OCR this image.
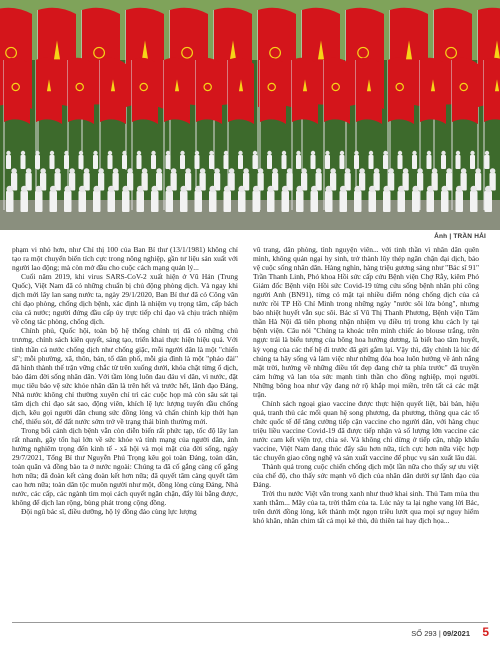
Ảnh | TRẦN HẢI

phạm vi nhỏ hơn, như Chỉ thị 100 của Ban Bí thư (13/1/1981) không chỉ tạo ra một chuyển biến tích cực trong nông nghiệp, gần tư liệu sản xuất với người lao động; mà còn mở đầu cho cuộc cách mạng quản lý...

Cuối năm 2019, khi virus SARS-CoV-2 xuất hiện ở Vũ Hán (Trung Quốc), Việt Nam đã có những chuẩn bị chủ động phòng dịch. Và ngay khi dịch mới lây lan sang nước ta, ngày 29/1/2020, Ban Bí thư đã có Công văn chỉ đạo phòng, chống dịch bệnh, xác định là nhiệm vụ trọng tâm, cấp bách của cả nước; người đứng đầu cấp ủy trực tiếp chỉ đạo và chịu trách nhiệm về công tác phòng, chống dịch.

Chính phủ, Quốc hội, toàn bộ hệ thống chính trị đã có những chủ trương, chính sách kiên quyết, sáng tạo, triển khai thực hiện hiệu quả. Với tinh thần cả nước chống dịch như chống giặc, mỗi người dân là một "chiến sĩ"; mỗi phường, xã, thôn, bản, tổ dân phố, mỗi gia đình là một "pháo đài" đã hình thành thế trận vững chắc từ trên xuống dưới, khóa chặt từng ổ dịch, bảo đảm đời sống nhân dân. Với tầm lòng luôn đau đáu vì dân, vì nước, đặt mục tiêu bảo vệ sức khỏe nhân dân là trên hết và trước hết, lãnh đạo Đảng, Nhà nước không chỉ thường xuyên chỉ trì các cuộc họp mà còn sâu sát tại tâm dịch chỉ đạo sát sao, động viên, khích lệ lực lượng tuyến đầu chống dịch, kêu gọi người dân chung sức đồng lòng và chấn chỉnh kịp thời hạn chế, thiếu sót, để đất nước sớm trở về trạng thái bình thường mới.

Trong bối cảnh dịch bệnh vẫn còn diễn biến rất phức tạp, tốc độ lây lan rất nhanh, gây tổn hại lớn về sức khỏe và tính mạng của người dân, ảnh hưởng nghiêm trọng đến kinh tế - xã hội và mọi mặt của đời sống, ngày 29/7/2021, Tổng Bí thư Nguyễn Phú Trọng kêu gọi toàn Đảng, toàn dân, toàn quân và đồng bào ta ở nước ngoài: Chúng ta đã cố gắng càng cố gắng hơn nữa; đã đoàn kết càng đoàn kết hơn nữa; đã quyết tâm càng quyết tâm cao hơn nữa; toàn dân tộc muôn người như một, đồng lòng cùng Đảng, Nhà nước, các cấp, các ngành tìm mọi cách quyết ngăn chặn, đẩy lùi bằng được, không để dịch lan rộng, bùng phát trong cộng đồng.

Đội ngũ bác sĩ, điều dưỡng, hộ lý đồng đảo cùng lực lượng

vũ trang, dân phòng, tình nguyện viên... với tinh thần vì nhân dân quên mình, không quản ngại hy sinh, trở thành lũy thép ngăn chặn đại dịch, bảo vệ cuộc sống nhân dân. Hàng nghìn, hàng triệu gương sáng như "Bác sĩ 91" Trần Thanh Linh, Phó khoa Hồi sức cấp cứu Bệnh viện Chợ Rẫy, kiêm Phó Giám đốc Bệnh viện Hồi sức Covid-19 từng cứu sống bệnh nhân phi công người Anh (BN91), từng có mặt tại nhiều điểm nóng chống dịch của cả nước rồi TP Hồ Chí Minh trong những ngày "nước sôi lửa bỏng", nhưng bảo nhiệt huyết vẫn sục sôi. Bác sĩ Vũ Thị Thanh Phương, Bệnh viện Tâm thần Hà Nội đã tiên phong nhận nhiệm vụ điều trị trong khu cách ly tại bệnh viện. Câu nói "Chúng ta khoác trên mình chiếc áo blouse trắng, trên ngực trái là biểu tượng của bông hoa hướng dương, là biết bao tâm huyết, kỳ vọng của các thế hệ đi trước đã gửi gắm lại. Vậy thì, đây chính là lúc để chúng ta hãy sống và làm việc như những đóa hoa luôn hướng về ánh nắng mặt trời, hướng về những điều tốt đẹp đang chờ ta phía trước" đã truyền cảm hứng và lan tỏa sức mạnh tinh thần cho đồng nghiệp, mọi người. Những bông hoa như vậy đang nở rộ khắp mọi miền, trên tất cả các mặt trận.

Chính sách ngoại giao vaccine được thực hiện quyết liệt, bài bản, hiệu quả, tranh thủ các mối quan hệ song phương, đa phương, thông qua các tổ chức quốc tế để tăng cường tiếp cận vaccine cho người dân, với hàng chục triệu liều vaccine Covid-19 đã được tiếp nhận và số lượng lớn vaccine các nước cam kết viện trợ, chia sẻ. Và không chỉ dừng ở tiếp cận, nhập khẩu vaccine, Việt Nam đang thúc đẩy sâu hơn nữa, tích cực hơn nữa việc hợp tác chuyển giao công nghệ và sản xuất vaccine để phục vụ sản xuất lâu dài.

Thành quả trong cuộc chiến chống dịch một lần nữa cho thấy sự ưu việt của chế độ, cho thấy sức mạnh vô địch của nhân dân dưới sự lãnh đạo của Đảng.

Trời thu nước Việt vẫn trong xanh như thuở khai sinh. Thủ Tam mùa thu xanh thẳm... Mây của ta, trời thẳm của ta. Lúc này ta lại nghe vang lời Bác, trên dưới đồng lòng, kết thành một ngọn triều lướt qua mọi sự nguy hiểm khó khăn, nhân chim tất cả mọi kẻ thù, đủ thiên tai hay địch họa...

SỐ 293 | 09/2021 5
